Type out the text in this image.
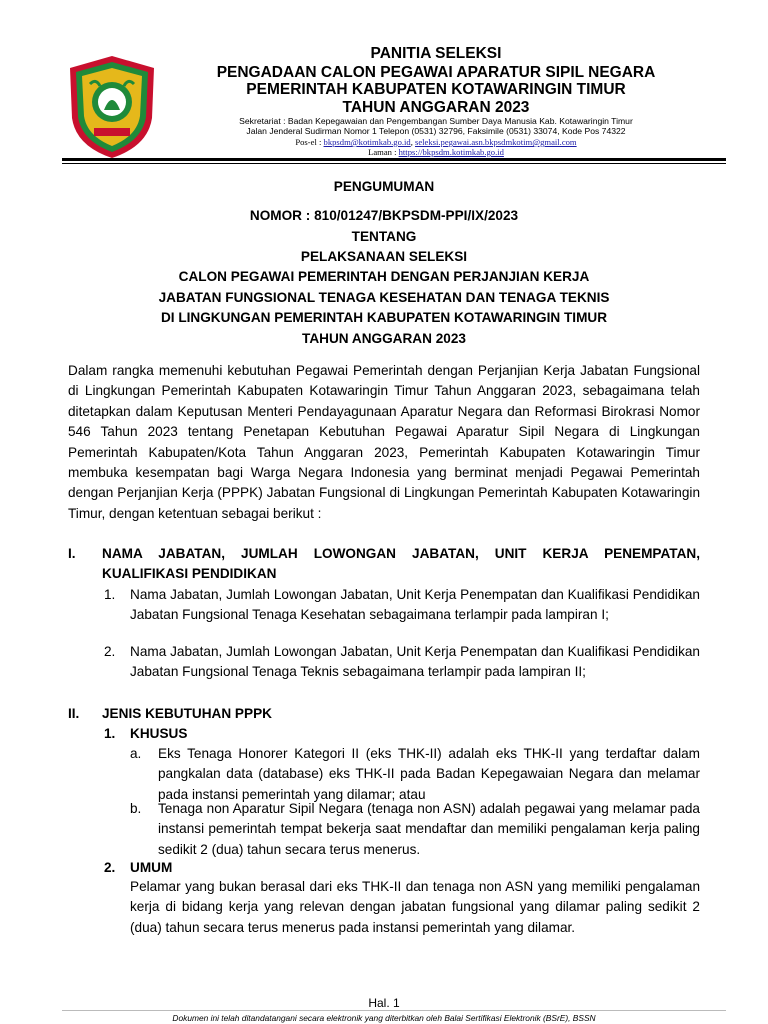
PANITIA SELEKSI
PENGADAAN CALON PEGAWAI APARATUR SIPIL NEGARA
PEMERINTAH KABUPATEN KOTAWARINGIN TIMUR
TAHUN ANGGARAN 2023
Sekretariat : Badan Kepegawaian dan Pengembangan Sumber Daya Manusia Kab. Kotawaringin Timur
Jalan Jenderal Sudirman Nomor 1 Telepon (0531) 32796, Faksimile (0531) 33074, Kode Pos 74322
Pos-el : bkpsdm@kotimkab.go.id, seleksi.pegawai.asn.bkpsdmkotim@gmail.com
Laman : https://bkpsdm.kotimkab.go.id
PENGUMUMAN
NOMOR : 810/01247/BKPSDM-PPI/IX/2023
TENTANG
PELAKSANAAN SELEKSI
CALON PEGAWAI PEMERINTAH DENGAN PERJANJIAN KERJA
JABATAN FUNGSIONAL TENAGA KESEHATAN DAN TENAGA TEKNIS
DI LINGKUNGAN PEMERINTAH KABUPATEN KOTAWARINGIN TIMUR
TAHUN ANGGARAN 2023
Dalam rangka memenuhi kebutuhan Pegawai Pemerintah dengan Perjanjian Kerja Jabatan Fungsional di Lingkungan Pemerintah Kabupaten Kotawaringin Timur Tahun Anggaran 2023, sebagaimana telah ditetapkan dalam Keputusan Menteri Pendayagunaan Aparatur Negara dan Reformasi Birokrasi Nomor 546 Tahun 2023 tentang Penetapan Kebutuhan Pegawai Aparatur Sipil Negara di Lingkungan Pemerintah Kabupaten/Kota Tahun Anggaran 2023, Pemerintah Kabupaten Kotawaringin Timur membuka kesempatan bagi Warga Negara Indonesia yang berminat menjadi Pegawai Pemerintah dengan Perjanjian Kerja (PPPK) Jabatan Fungsional di Lingkungan Pemerintah Kabupaten Kotawaringin Timur, dengan ketentuan sebagai berikut :
I. NAMA JABATAN, JUMLAH LOWONGAN JABATAN, UNIT KERJA PENEMPATAN, KUALIFIKASI PENDIDIKAN
1. Nama Jabatan, Jumlah Lowongan Jabatan, Unit Kerja Penempatan dan Kualifikasi Pendidikan Jabatan Fungsional Tenaga Kesehatan sebagaimana terlampir pada lampiran I;
2. Nama Jabatan, Jumlah Lowongan Jabatan, Unit Kerja Penempatan dan Kualifikasi Pendidikan Jabatan Fungsional Tenaga Teknis sebagaimana terlampir pada lampiran II;
II. JENIS KEBUTUHAN PPPK
1. KHUSUS
a. Eks Tenaga Honorer Kategori II (eks THK-II) adalah eks THK-II yang terdaftar dalam pangkalan data (database) eks THK-II pada Badan Kepegawaian Negara dan melamar pada instansi pemerintah yang dilamar; atau
b. Tenaga non Aparatur Sipil Negara (tenaga non ASN) adalah pegawai yang melamar pada instansi pemerintah tempat bekerja saat mendaftar dan memiliki pengalaman kerja paling sedikit 2 (dua) tahun secara terus menerus.
2. UMUM
Pelamar yang bukan berasal dari eks THK-II dan tenaga non ASN yang memiliki pengalaman kerja di bidang kerja yang relevan dengan jabatan fungsional yang dilamar paling sedikit 2 (dua) tahun secara terus menerus pada instansi pemerintah yang dilamar.
Hal. 1
Dokumen ini telah ditandatangani secara elektronik yang diterbitkan oleh Balai Sertifikasi Elektronik (BSrE), BSSN
